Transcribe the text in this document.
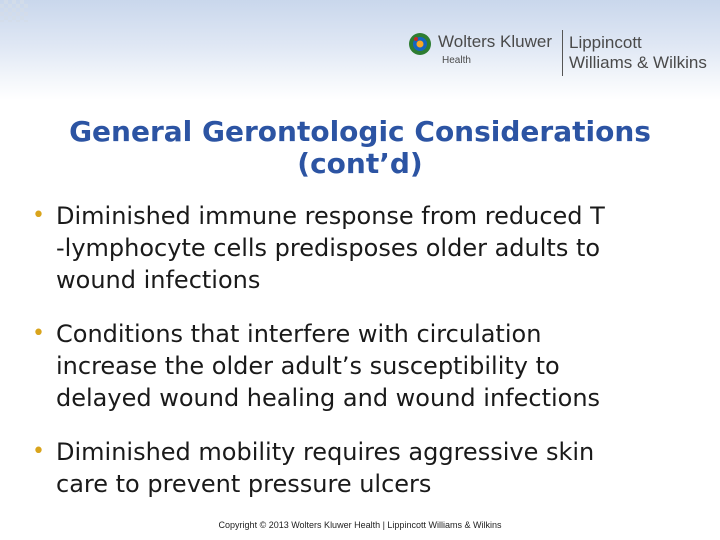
Wolters Kluwer
Health
Lippincott
Williams & Wilkins
General Gerontologic Considerations
(cont’d)
• Diminished immune response from reduced T
-lymphocyte cells predisposes older adults to
wound infections
• Conditions that interfere with circulation
increase the older adult’s susceptibility to
delayed wound healing and wound infections
• Diminished mobility requires aggressive skin
care to prevent pressure ulcers
Copyright © 2013 Wolters Kluwer Health | Lippincott Williams & Wilkins
